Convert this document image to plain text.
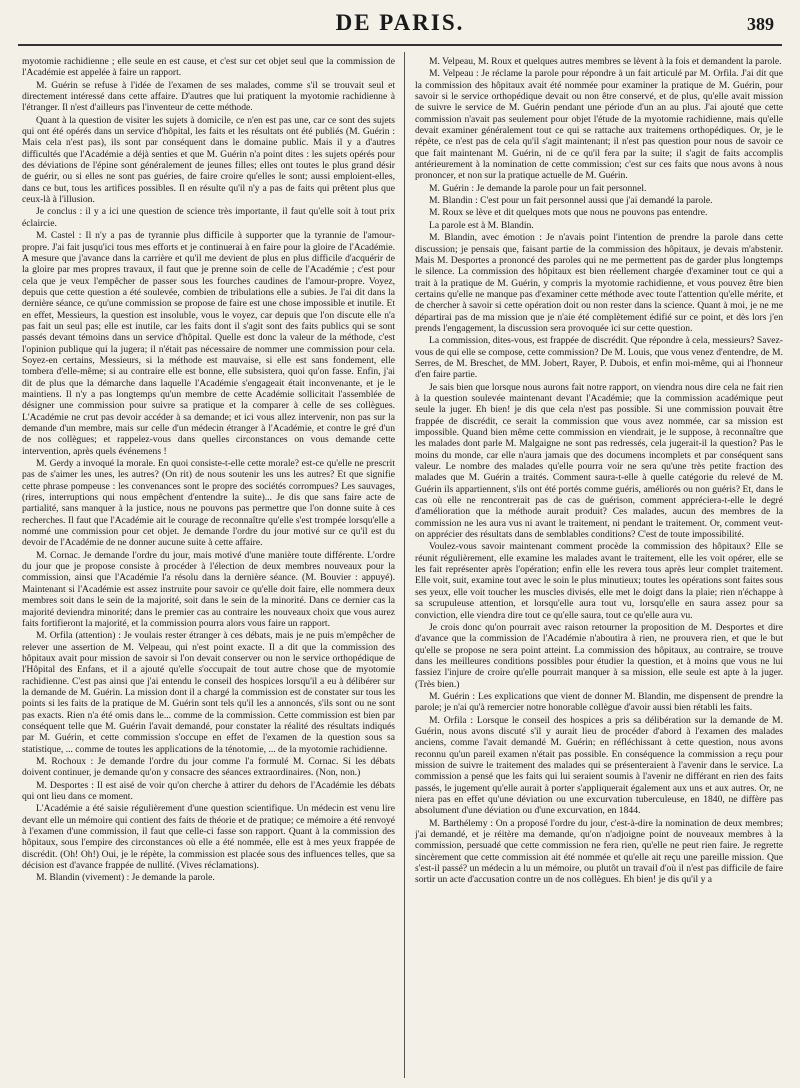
DE PARIS.	389

myotomie rachidienne ; elle seule en est cause, et c'est sur cet objet seul que la commission de l'Académie est appelée à faire un rapport.

M. Guérin se refuse à l'idée de l'examen de ses malades, comme s'il se trouvait seul et directement intéressé dans cette affaire. D'autres que lui pratiquent la myotomie rachidienne à l'étranger. Il n'est d'ailleurs pas l'inventeur de cette méthode.

Quant à la question de visiter les sujets à domicile, ce n'en est pas une, car ce sont des sujets qui ont été opérés dans un service d'hôpital, les faits et les résultats ont été publiés (M. Guérin : Mais cela n'est pas), ils sont par conséquent dans le domaine public. Mais il y a d'autres difficultés que l'Académie a déjà senties et que M. Guérin n'a point dites : les sujets opérés pour des déviations de l'épine sont généralement de jeunes filles; elles ont toutes le plus grand désir de guérir, ou si elles ne sont pas guéries, de faire croire qu'elles le sont; aussi emploient-elles, dans ce but, tous les artifices possibles. Il en résulte qu'il n'y a pas de faits qui prêtent plus que ceux-là à l'illusion.

Je conclus : il y a ici une question de science très importante, il faut qu'elle soit à tout prix éclaircie.

M. Castel : Il n'y a pas de tyrannie plus difficile à supporter que la tyrannie de l'amour-propre. J'ai fait jusqu'ici tous mes efforts et je continuerai à en faire pour la gloire de l'Académie. A mesure que j'avance dans la carrière et qu'il me devient de plus en plus difficile d'acquérir de la gloire par mes propres travaux, il faut que je prenne soin de celle de l'Académie ; c'est pour cela que je veux l'empêcher de passer sous les fourches caudines de l'amour-propre. Voyez, depuis que cette question a été soulevée, combien de tribulations elle a subies. Je l'ai dit dans la dernière séance, ce qu'une commission se propose de faire est une chose impossible et inutile. Et en effet, Messieurs, la question est insoluble, vous le voyez, car depuis que l'on discute elle n'a pas fait un seul pas; elle est inutile, car les faits dont il s'agit sont des faits publics qui se sont passés devant témoins dans un service d'hôpital. Quelle est donc la valeur de la méthode, c'est l'opinion publique qui la jugera; il n'était pas nécessaire de nommer une commission pour cela. Soyez-en certains, Messieurs, si la méthode est mauvaise, si elle est sans fondement, elle tombera d'elle-même; si au contraire elle est bonne, elle subsistera, quoi qu'on fasse. Enfin, j'ai dit de plus que la démarche dans laquelle l'Académie s'engageait était inconvenante, et je le maintiens. Il n'y a pas longtemps qu'un membre de cette Académie sollicitait l'assemblée de désigner une commission pour suivre sa pratique et la comparer à celle de ses collègues. L'Académie ne crut pas devoir accéder à sa demande; et ici vous allez intervenir, non pas sur la demande d'un membre, mais sur celle d'un médecin étranger à l'Académie, et contre le gré d'un de nos collègues; et rappelez-vous dans quelles circonstances on vous demande cette intervention, après quels événemens !

M. Gerdy a invoqué la morale. En quoi consiste-t-elle cette morale? est-ce qu'elle ne prescrit pas de s'aimer les unes, les autres? (On rit) de nous soutenir les uns les autres? Et que signifie cette phrase pompeuse : les convenances sont le propre des sociétés corrompues? Les sauvages, (rires, interruptions qui nous empêchent d'entendre la suite)... Je dis que sans faire acte de partialité, sans manquer à la justice, nous ne pouvons pas permettre que l'on donne suite à ces recherches. Il faut que l'Académie ait le courage de reconnaître qu'elle s'est trompée lorsqu'elle a nommé une commission pour cet objet. Je demande l'ordre du jour motivé sur ce qu'il est du devoir de l'Académie de ne donner aucune suite à cette affaire.

M. Cornac. Je demande l'ordre du jour, mais motivé d'une manière toute différente. L'ordre du jour que je propose consiste à procéder à l'élection de deux membres nouveaux pour la commission, ainsi que l'Académie l'a résolu dans la dernière séance. (M. Bouvier : appuyé). Maintenant si l'Académie est assez instruite pour savoir ce qu'elle doit faire, elle nommera deux membres soit dans le sein de la majorité, soit dans le sein de la minorité. Dans ce dernier cas la majorité deviendra minorité; dans le premier cas au contraire les nouveaux choix que vous aurez faits fortifieront la majorité, et la commission pourra alors vous faire un rapport.

M. Orfila (attention) : Je voulais rester étranger à ces débats, mais je ne puis m'empêcher de relever une assertion de M. Velpeau, qui n'est point exacte. Il a dit que la commission des hôpitaux avait pour mission de savoir si l'on devait conserver ou non le service orthopédique de l'Hôpital des Enfans, et il a ajouté qu'elle s'occupait de tout autre chose que de myotomie rachidienne. C'est pas ainsi que j'ai entendu le conseil des hospices lorsqu'il a eu à délibérer sur la demande de M. Guérin. La mission dont il a chargé la commission est de constater sur tous les points si les faits de la pratique de M. Guérin sont tels qu'il les a annoncés, s'ils sont ou ne sont pas exacts. Rien n'a été omis dans le... comme de la commission. Cette commission est bien par conséquent telle que M. Guérin l'avait demandé, pour constater la réalité des résultats indiqués par M. Guérin, et cette commission s'occupe en effet de l'examen de la question sous sa statistique, ... comme de toutes les applications de la ténotomie, ... de la myotomie rachidienne.

M. Rochoux : Je demande l'ordre du jour comme l'a formulé M. Cornac. Si les débats doivent continuer, je demande qu'on y consacre des séances extraordinaires. (Non, non.)

M. Desportes : Il est aisé de voir qu'on cherche à attirer du dehors de l'Académie les débats qui ont lieu dans ce moment.

L'Académie a été saisie régulièrement d'une question scientifique. Un médecin est venu lire devant elle un mémoire qui contient des faits de théorie et de pratique; ce mémoire a été renvoyé à l'examen d'une commission, il faut que celle-ci fasse son rapport. Quant à la commission des hôpitaux, sous l'empire des circonstances où elle a été nommée, elle est à mes yeux frappée de discrédit. (Oh! Oh!) Oui, je le répète, la commission est placée sous des influences telles, que sa décision est d'avance frappée de nullité. (Vives réclamations).

M. Blandin (vivement) : Je demande la parole.

M. Velpeau, M. Roux et quelques autres membres se lèvent à la fois et demandent la parole.

M. Velpeau : Je réclame la parole pour répondre à un fait articulé par M. Orfila. J'ai dit que la commission des hôpitaux avait été nommée pour examiner la pratique de M. Guérin, pour savoir si le service orthopédique devait ou non être conservé, et de plus, qu'elle avait mission de suivre le service de M. Guérin pendant une période d'un an au plus. J'ai ajouté que cette commission n'avait pas seulement pour objet l'étude de la myotomie rachidienne, mais qu'elle devait examiner généralement tout ce qui se rattache aux traitemens orthopédiques. Or, je le répète, ce n'est pas de cela qu'il s'agit maintenant; il n'est pas question pour nous de savoir ce que fait maintenant M. Guérin, ni de ce qu'il fera par la suite; il s'agit de faits accomplis antérieurement à la nomination de cette commission; c'est sur ces faits que nous avons à nous prononcer, et non sur la pratique actuelle de M. Guérin.

M. Guérin : Je demande la parole pour un fait personnel.

M. Blandin : C'est pour un fait personnel aussi que j'ai demandé la parole.

M. Roux se lève et dit quelques mots que nous ne pouvons pas entendre.

La parole est à M. Blandin.

M. Blandin, avec émotion : Je n'avais point l'intention de prendre la parole dans cette discussion; je pensais que, faisant partie de la commission des hôpitaux, je devais m'abstenir. Mais M. Desportes a prononcé des paroles qui ne me permettent pas de garder plus longtemps le silence. La commission des hôpitaux est bien réellement chargée d'examiner tout ce qui a trait à la pratique de M. Guérin, y compris la myotomie rachidienne, et vous pouvez être bien certains qu'elle ne manque pas d'examiner cette méthode avec toute l'attention qu'elle mérite, et de chercher à savoir si cette opération doit ou non rester dans la science. Quant à moi, je ne me départirai pas de ma mission que je n'aie été complètement édifié sur ce point, et dès lors j'en prends l'engagement, la discussion sera provoquée ici sur cette question.

La commission, dites-vous, est frappée de discrédit. Que répondre à cela, messieurs? Savez-vous de qui elle se compose, cette commission? De M. Louis, que vous venez d'entendre, de M. Serres, de M. Breschet, de MM. Jobert, Rayer, P. Dubois, et enfin moi-même, qui ai l'honneur d'en faire partie.

Je sais bien que lorsque nous aurons fait notre rapport, on viendra nous dire cela ne fait rien à la question soulevée maintenant devant l'Académie; que la commission académique peut seule la juger. Eh bien! je dis que cela n'est pas possible. Si une commission pouvait être frappée de discrédit, ce serait la commission que vous avez nommée, car sa mission est impossible. Quand bien même cette commission en viendrait, je le suppose, à reconnaître que les malades dont parle M. Malgaigne ne sont pas redressés, cela jugerait-il la question? Pas le moins du monde, car elle n'aura jamais que des documens incomplets et par conséquent sans valeur. Le nombre des malades qu'elle pourra voir ne sera qu'une très petite fraction des malades que M. Guérin a traités. Comment saura-t-elle à quelle catégorie du relevé de M. Guérin ils appartiennent, s'ils ont été portés comme guéris, améliorés ou non guéris? Et, dans le cas où elle ne rencontrerait pas de cas de guérison, comment appréciera-t-elle le degré d'amélioration que la méthode aurait produit? Ces malades, aucun des membres de la commission ne les aura vus ni avant le traitement, ni pendant le traitement. Or, comment veut-on apprécier des résultats dans de semblables conditions? C'est de toute impossibilité.

Voulez-vous savoir maintenant comment procède la commission des hôpitaux? Elle se réunit régulièrement, elle examine les malades avant le traitement, elle les voit opérer, elle se les fait représenter après l'opération; enfin elle les revera tous après leur complet traitement. Elle voit, suit, examine tout avec le soin le plus minutieux; toutes les opérations sont faites sous ses yeux, elle voit toucher les muscles divisés, elle met le doigt dans la plaie; rien n'échappe à sa scrupuleuse attention, et lorsqu'elle aura tout vu, lorsqu'elle en saura assez pour sa conviction, elle viendra dire tout ce qu'elle saura, tout ce qu'elle aura vu.

Je crois donc qu'on pourrait avec raison retourner la proposition de M. Desportes et dire d'avance que la commission de l'Académie n'aboutira à rien, ne prouvera rien, et que le but qu'elle se propose ne sera point atteint. La commission des hôpitaux, au contraire, se trouve dans les meilleures conditions possibles pour étudier la question, et à moins que vous ne lui fassiez l'injure de croire qu'elle pourrait manquer à sa mission, elle seule est apte à la juger. (Très bien.)

M. Guérin : Les explications que vient de donner M. Blandin, me dispensent de prendre la parole; je n'ai qu'à remercier notre honorable collègue d'avoir aussi bien rétabli les faits.

M. Orfila : Lorsque le conseil des hospices a pris sa délibération sur la demande de M. Guérin, nous avons discuté s'il y aurait lieu de procéder d'abord à l'examen des malades anciens, comme l'avait demandé M. Guérin; en réfléchissant à cette question, nous avons reconnu qu'un pareil examen n'était pas possible. En conséquence la commission a reçu pour mission de suivre le traitement des malades qui se présenteraient à l'avenir dans le service. La commission a pensé que les faits qui lui seraient soumis à l'avenir ne différant en rien des faits passés, le jugement qu'elle aurait à porter s'appliquerait également aux uns et aux autres. Or, ne niera pas en effet qu'une déviation ou une excurvation tuberculeuse, en 1840, ne diffère pas absolument d'une déviation ou d'une excurvation, en 1844.

M. Barthélemy : On a proposé l'ordre du jour, c'est-à-dire la nomination de deux membres; j'ai demandé, et je réitère ma demande, qu'on n'adjoigne point de nouveaux membres à la commission, persuadé que cette commission ne fera rien, qu'elle ne peut rien faire. Je regrette sincèrement que cette commission ait été nommée et qu'elle ait reçu une pareille mission. Que s'est-il passé? un médecin a lu un mémoire, ou plutôt un travail d'où il n'est pas difficile de faire sortir un acte d'accusation contre un de nos collègues. Eh bien! je dis qu'il y a
